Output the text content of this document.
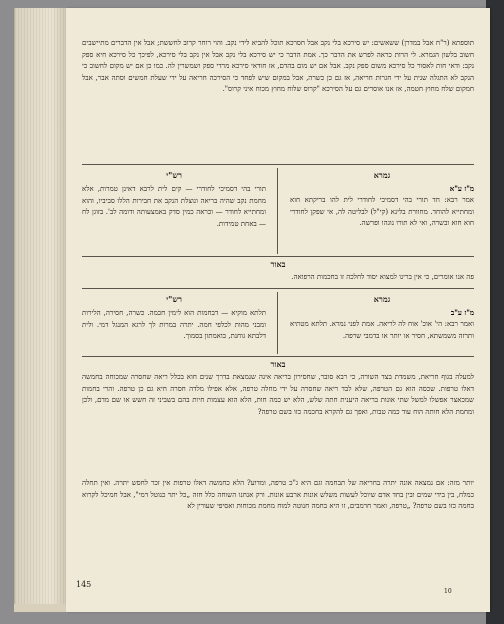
תוספתא (ר"ח אבל במדרן) ששאשים: יש סירכא בלי נקב אבל חסרכא תוכל להביא לידי נקב. והוי רוחר קרוב לחששת; אבל אין הדברים מתיישבים חשוב בלשון הגמרא. לי הרות כראה לפרש את הדבר כך. אמת הדבר כי יש סירכא בלי נקב אבל אין נקב בלי סירכא, לפיכך כל סירכא חיא ספק נקב: ודאי חות לאסור כל סירכא משום ספק נקב. אבל אם יש מום בהדם, אז חודאי סירכא מרדי ספק ושמשרין לה. כמו כן אם יש מקום לחשוב כי הנקב לא התגלה שנית על ידי חגרות חריאה, אז גם כן כשרה, אבל במקום שיש לפחד כי הסירכה חריאה על ידי שעלת חמשים וסתה אבר, אבל חמקום שלח מחוץ חטמה, אז אנו אוסרים גם על הסירכא "קרוס שלוח מחוץ מכוח איני קרוס".
גמרא
מ"ז ע"א
אמר רבא: חד תורי בהי דסמיכי לחודרי לית להו בריקתא חוא ומחתייא להוחד. מחוורת בלינא (קי"ל) לבליטה לה, אי שפקן לחודרי חוא חוא ובשרה, ואי לא תורו נוגהו ופרשה.
רש"י
תורי בהי דסמיכי לחודרי — קים לית לרבא דאינן טמרות, אלא מחמת נקב שהיה בריאה ונוצלת הנקב את חבירות הללו סביביו, והוא ומחתייא לחודר — וכראה כמין סדק באמצעותה ודומה לב'. בזוגן לח — באחת טמידות.
באור
פה אנו אומרים, כי אין ברינו למצוא יסוד לחלכה זו בחכמות הרפואה.
גמרא
מ"ז ע"ב
ואמר רבא: הי' אוכ' אוח לה לריאה. אמת לפני נמרא. תלתא מטתיא ותרזה משמשתא, חסיר או יותר או בדמבי שרפה.
רש"י
תלתא מוקיא — דבחמות הוא לימין חכמה. כשרה, חסירה, הלירות ומבני מהות לכלפי חמה. יתרה במרות לך לרגא המנגל דמי. ולית דלבתא גוחנת, בואמתון בסמוך.
באור
למעלה בגוף חריאת, משמדת בצד השורה, כי רבא סובר, שחסירון בריאה אינה שנמצאת בדרך שנים חוא בכלל ריאה שחסרה שמכוחה בחמשה דאלו טרפות. שכסה הוא גם הטרפה, שלא לבד ריאה שחסרה על ידי מחלה טרפה, אלא אפילו מלדה חסרה חיא גם כן טרפה. והרי בחמות שמכאצר אפשלו למשל שתי אונות בריאה היענית חתה שלש, הלא יש כמה חות, הלא הוא עצמות חיות בהם בשביני זה חשש או שם מדם, ולכן ומחמת הלא חותה הוח עוד כמה טבות, ואפך גם להקרא בחכמה כזו בשם טרפה?
יותר מזה: אם נמצאה אונה יתרה בחריאה של תבחמה וגם היא ג"כ טרפה, ומדוע? הלא כחמשה דאלו טרפות אין זכר לחסש יתרה. ואין תחלה כמלח, בין בידי שמים ובין בחד אדם שיוכל לעשות משלש אונות ארבע אונות. ורק אנחנו השוחה כלל חזה „כל יתר כנוטל דמי", אבל חמיכל לקרוא בחמה כזו בשם טרפה? „טרפה, ואמר חרמבים, זו היא בחמה חנוטה למוח מחמת מכוחות ואסיפי שעורין לא
145
10
